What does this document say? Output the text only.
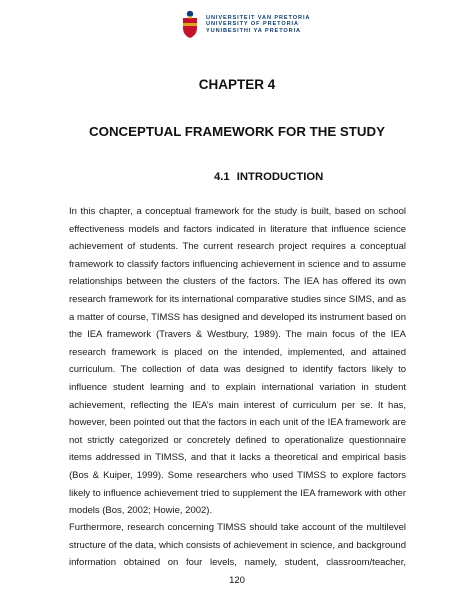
UNIVERSITEIT VAN PRETORIA
UNIVERSITY OF PRETORIA
YUNIBESITHI YA PRETORIA
CHAPTER 4
CONCEPTUAL FRAMEWORK FOR THE STUDY
4.1 INTRODUCTION
In this chapter, a conceptual framework for the study is built, based on school
effectiveness models and factors indicated in literature that influence science
achievement of students. The current research project requires a conceptual
framework to classify factors influencing achievement in science and to assume
relationships between the clusters of the factors. The IEA has offered its own
research framework for its international comparative studies since SIMS, and as
a matter of course, TIMSS has designed and developed its instrument based on
the IEA framework (Travers & Westbury, 1989). The main focus of the IEA
research framework is placed on the intended, implemented, and attained
curriculum. The collection of data was designed to identify factors likely to
influence student learning and to explain international variation in student
achievement, reflecting the IEA’s main interest of curriculum per se. It has,
however, been pointed out that the factors in each unit of the IEA framework are
not strictly categorized or concretely defined to operationalize questionnaire
items addressed in TIMSS, and that it lacks a theoretical and empirical basis
(Bos & Kuiper, 1999). Some researchers who used TIMSS to explore factors
likely to influence achievement tried to supplement the IEA framework with other
models (Bos, 2002; Howie, 2002).
Furthermore, research concerning TIMSS should take account of the multilevel
structure of the data, which consists of achievement in science, and background
information obtained on four levels, namely, student, classroom/teacher,
120
